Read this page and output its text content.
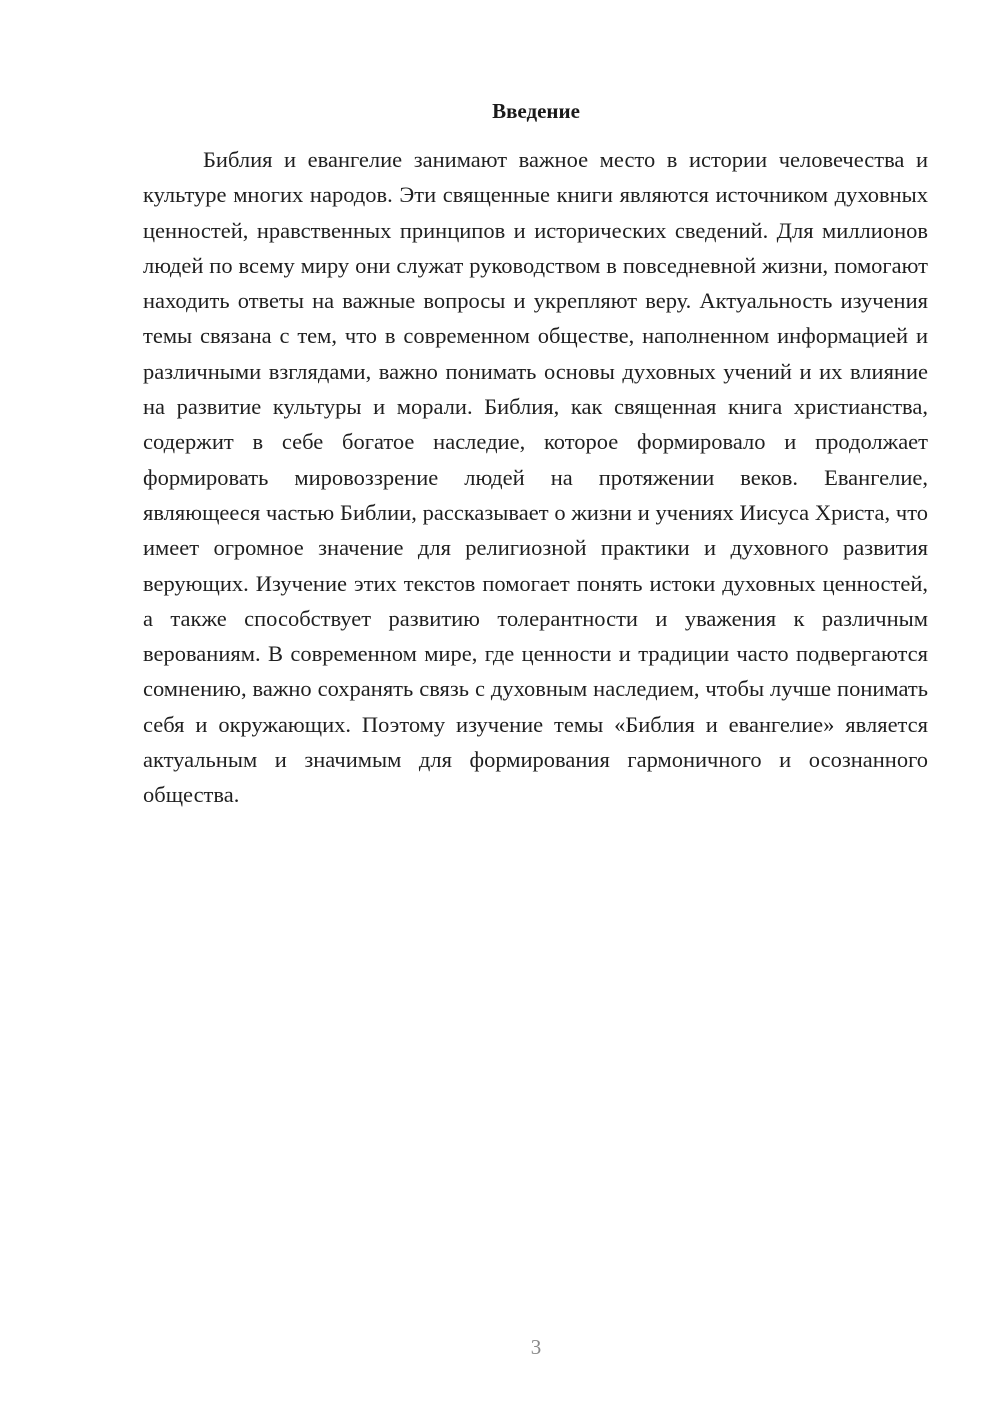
Введение

Библия и евангелие занимают важное место в истории человечества и культуре многих народов. Эти священные книги являются источником духовных ценностей, нравственных принципов и исторических сведений. Для миллионов людей по всему миру они служат руководством в повседневной жизни, помогают находить ответы на важные вопросы и укрепляют веру. Актуальность изучения темы связана с тем, что в современном обществе, наполненном информацией и различными взглядами, важно понимать основы духовных учений и их влияние на развитие культуры и морали. Библия, как священная книга христианства, содержит в себе богатое наследие, которое формировало и продолжает формировать мировоззрение людей на протяжении веков. Евангелие, являющееся частью Библии, рассказывает о жизни и учениях Иисуса Христа, что имеет огромное значение для религиозной практики и духовного развития верующих. Изучение этих текстов помогает понять истоки духовных ценностей, а также способствует развитию толерантности и уважения к различным верованиям. В современном мире, где ценности и традиции часто подвергаются сомнению, важно сохранять связь с духовным наследием, чтобы лучше понимать себя и окружающих. Поэтому изучение темы «Библия и евангелие» является актуальным и значимым для формирования гармоничного и осознанного общества.

3
